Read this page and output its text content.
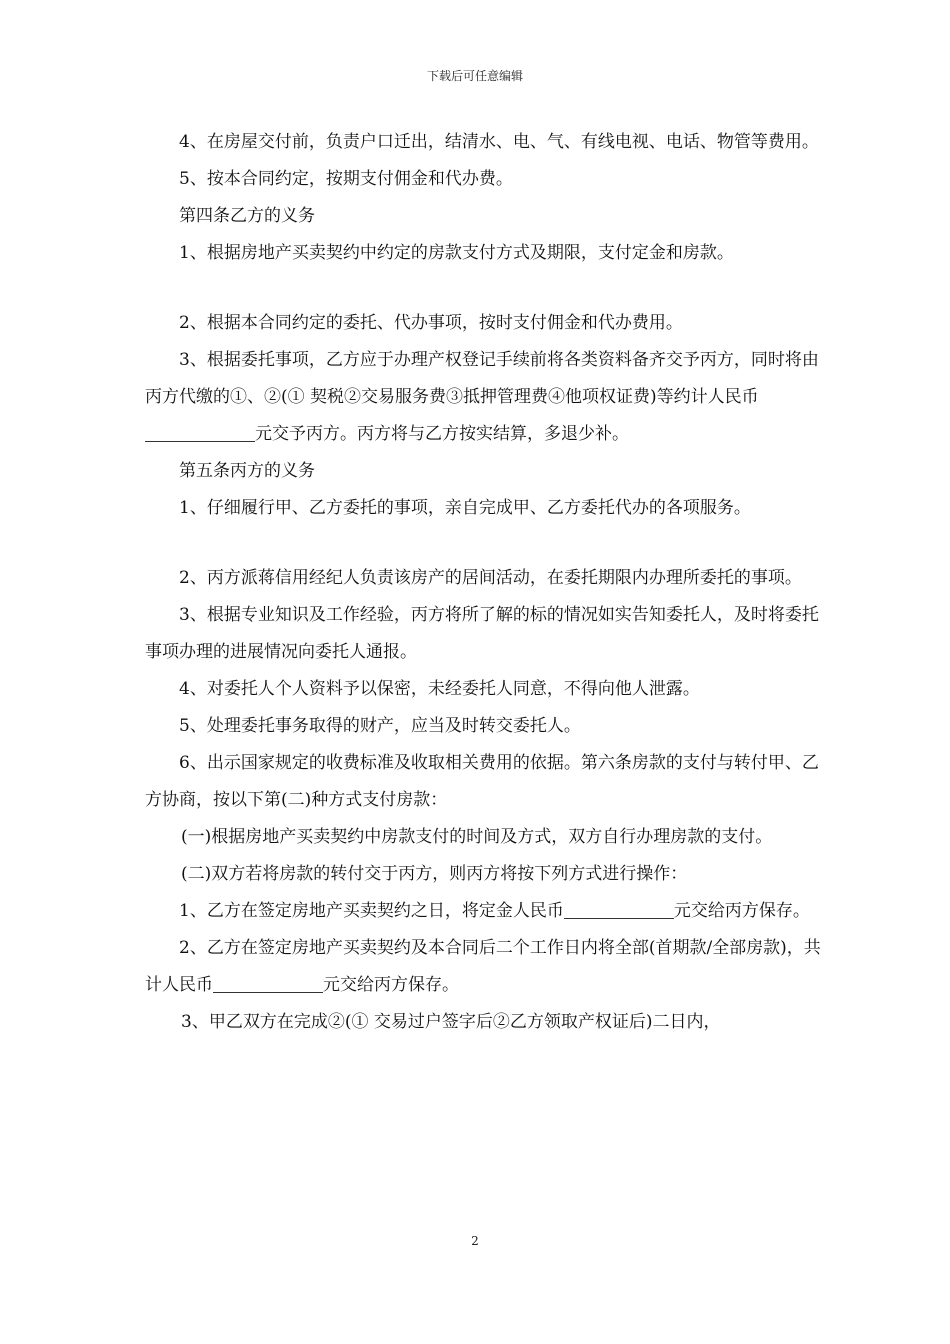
下载后可任意编辑

4、在房屋交付前，负责户口迁出，结清水、电、气、有线电视、电话、物管等费用。

5、按本合同约定，按期支付佣金和代办费。

第四条乙方的义务

1、根据房地产买卖契约中约定的房款支付方式及期限，支付定金和房款。

2、根据本合同约定的委托、代办事项，按时支付佣金和代办费用。

3、根据委托事项，乙方应于办理产权登记手续前将各类资料备齐交予丙方，同时将由丙方代缴的①、②(① 契税②交易服务费③抵押管理费④他项权证费)等约计人民币元交予丙方。丙方将与乙方按实结算，多退少补。

第五条丙方的义务

1、仔细履行甲、乙方委托的事项，亲自完成甲、乙方委托代办的各项服务。

2、丙方派蒋信用经纪人负责该房产的居间活动，在委托期限内办理所委托的事项。

3、根据专业知识及工作经验，丙方将所了解的标的情况如实告知委托人，及时将委托事项办理的进展情况向委托人通报。

4、对委托人个人资料予以保密，未经委托人同意，不得向他人泄露。

5、处理委托事务取得的财产，应当及时转交委托人。

6、出示国家规定的收费标准及收取相关费用的依据。第六条房款的支付与转付甲、乙方协商，按以下第(二)种方式支付房款：

(一)根据房地产买卖契约中房款支付的时间及方式，双方自行办理房款的支付。

(二)双方若将房款的转付交于丙方，则丙方将按下列方式进行操作：

1、乙方在签定房地产买卖契约之日，将定金人民币	元交给丙方保存。

2、乙方在签定房地产买卖契约及本合同后二个工作日内将全部(首期款/全部房款)，共计人民币	元交给丙方保存。

3、甲乙双方在完成②(① 交易过户签字后②乙方领取产权证后)二日内，

2
